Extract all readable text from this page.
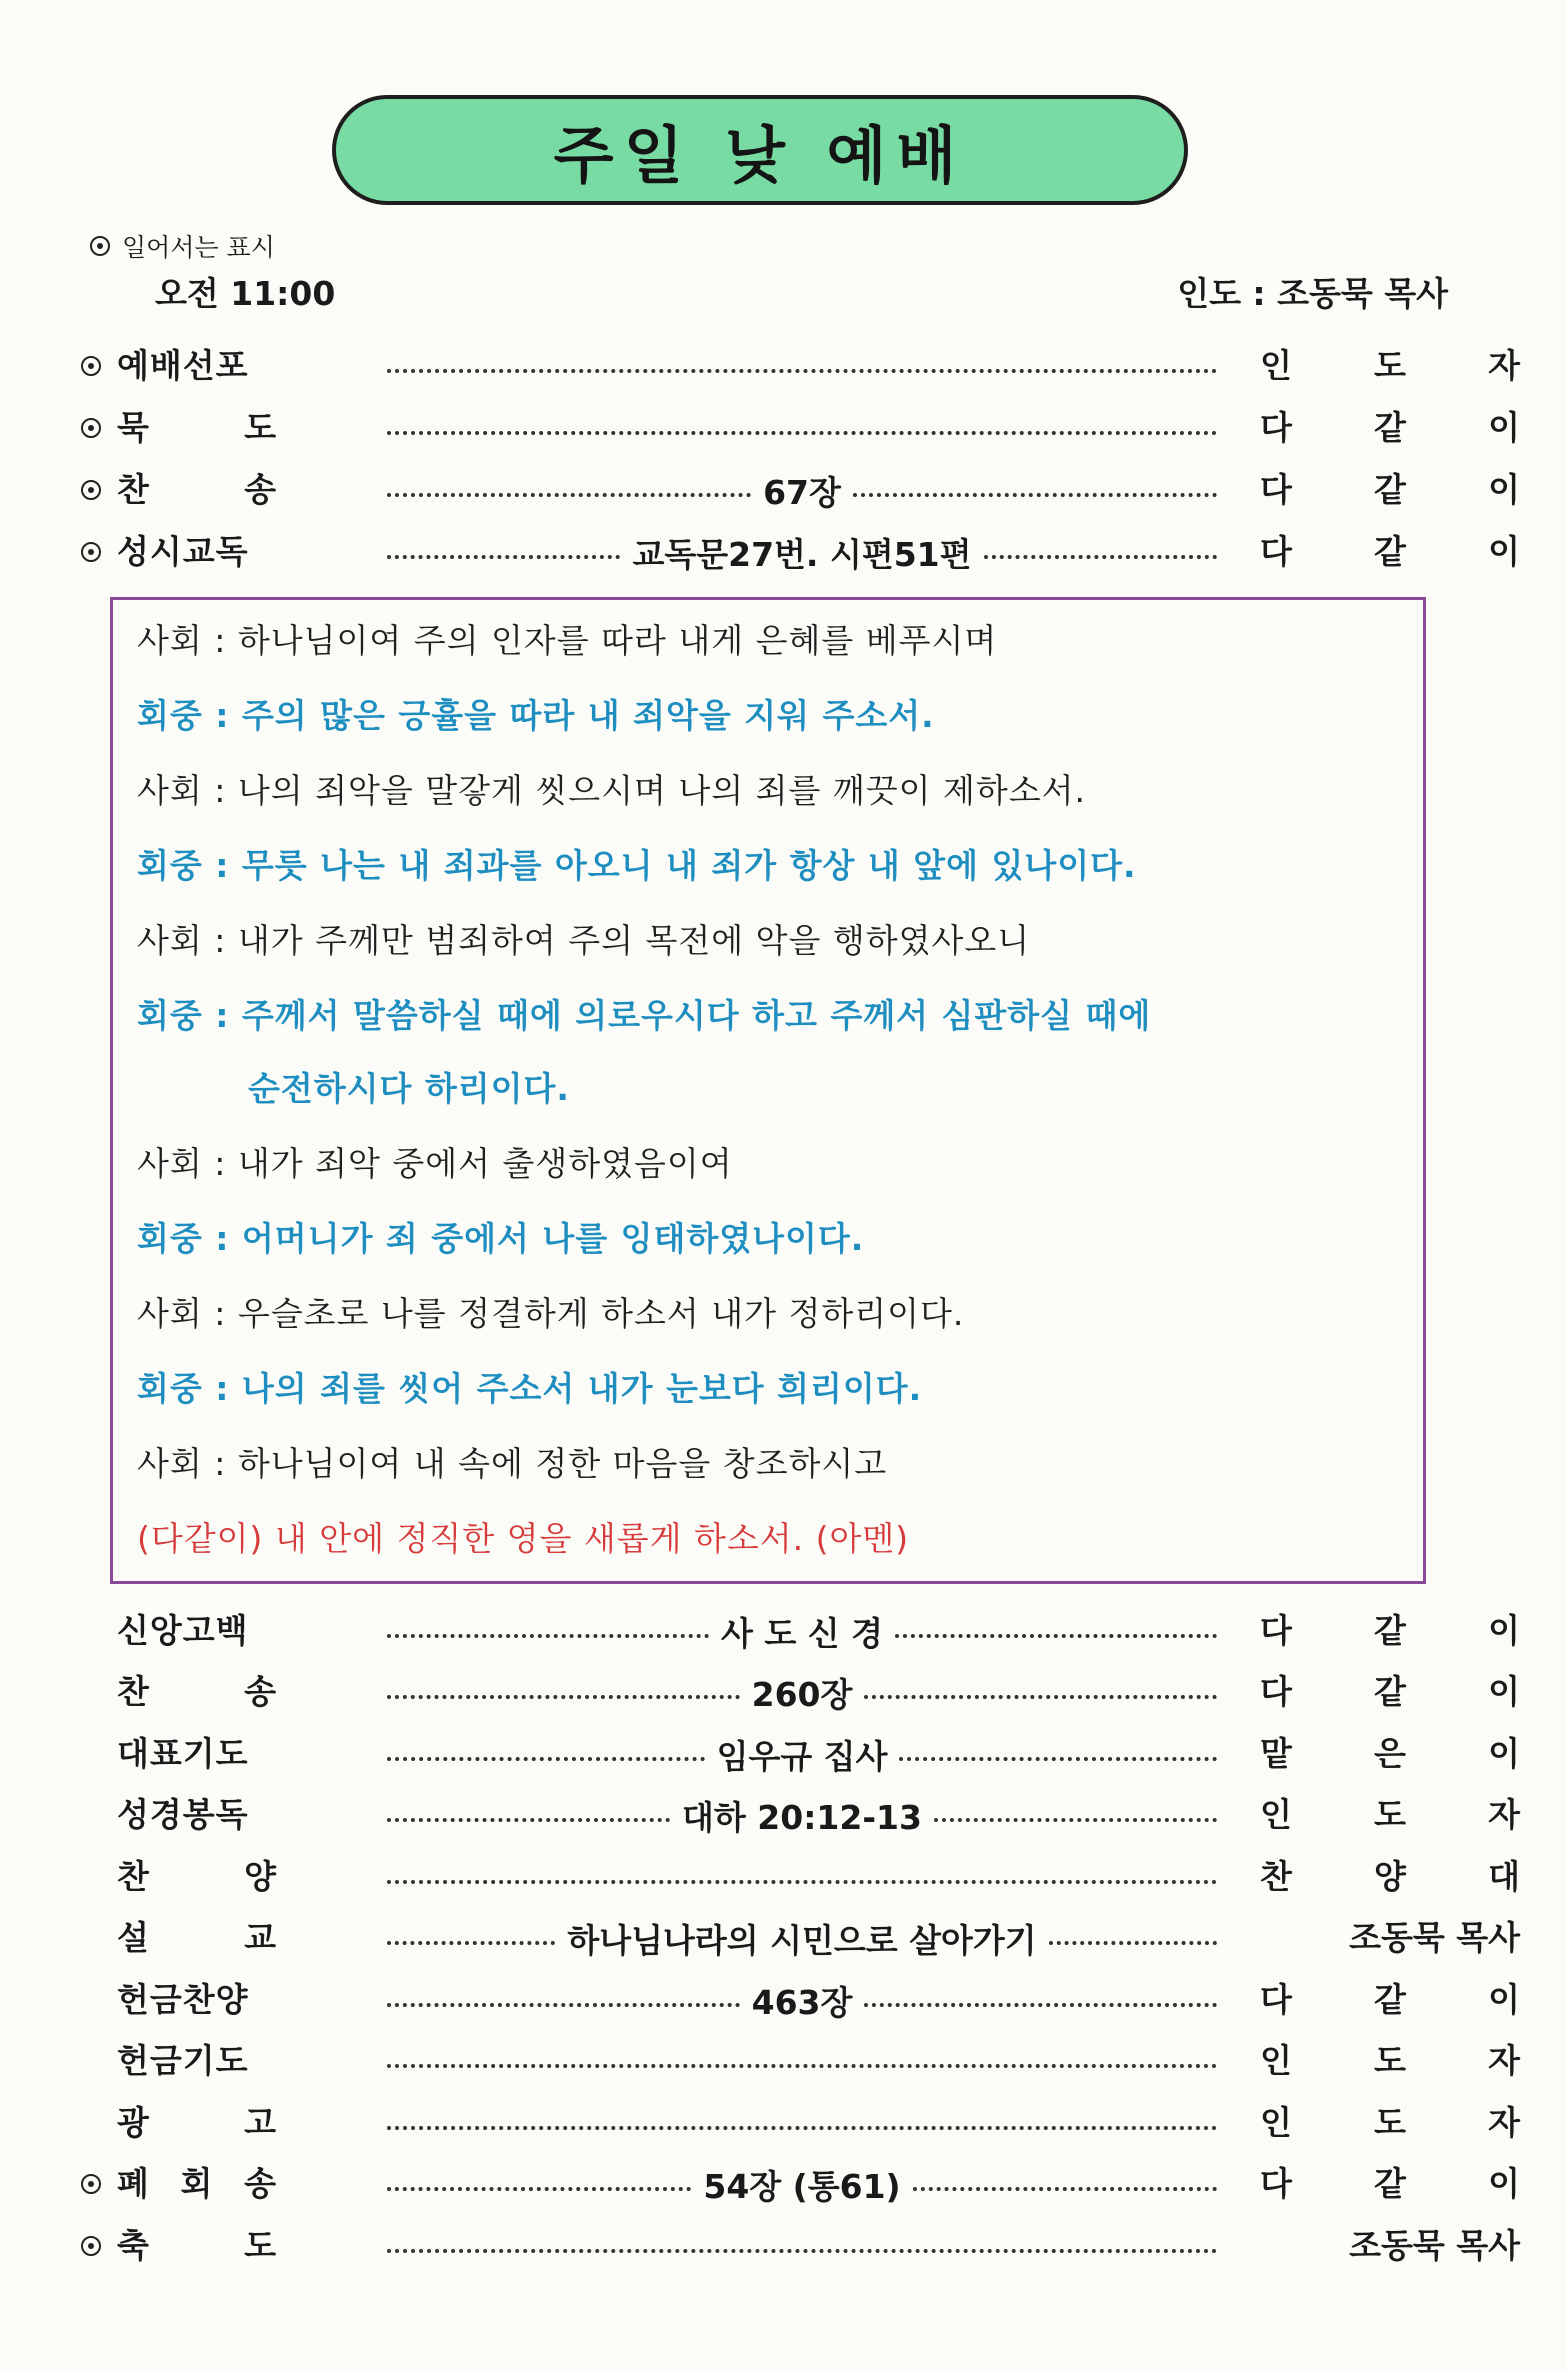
주일 낮 예배
일어서는 표시
오전 11:00	인도 : 조동묵 목사
예배선포	인 도 자
묵	도	다 같 이
찬	송	67장	다 같 이
성시교독	교독문27번. 시편51편	다 같 이
사회 : 하나님이여 주의 인자를 따라 내게 은혜를 베푸시며
회중 : 주의 많은 긍휼을 따라 내 죄악을 지워 주소서.
사회 : 나의 죄악을 말갛게 씻으시며 나의 죄를 깨끗이 제하소서.
회중 : 무릇 나는 내 죄과를 아오니 내 죄가 항상 내 앞에 있나이다.
사회 : 내가 주께만 범죄하여 주의 목전에 악을 행하였사오니
회중 : 주께서 말씀하실 때에 의로우시다 하고 주께서 심판하실 때에
순전하시다 하리이다.
사회 : 내가 죄악 중에서 출생하였음이여
회중 : 어머니가 죄 중에서 나를 잉태하였나이다.
사회 : 우슬초로 나를 정결하게 하소서 내가 정하리이다.
회중 : 나의 죄를 씻어 주소서 내가 눈보다 희리이다.
사회 : 하나님이여 내 속에 정한 마음을 창조하시고
(다같이) 내 안에 정직한 영을 새롭게 하소서. (아멘)
신앙고백	사 도 신 경	다 같 이
찬	송	260장	다 같 이
대표기도	임우규 집사	맡 은 이
성경봉독	대하 20:12-13	인 도 자
찬	양	찬 양 대
설	교	하나님나라의 시민으로 살아가기	조동묵 목사
헌금찬양	463장	다 같 이
헌금기도	인 도 자
광	고	인 도 자
폐 회 송	54장 (통61)	다 같 이
축	도	조동묵 목사
